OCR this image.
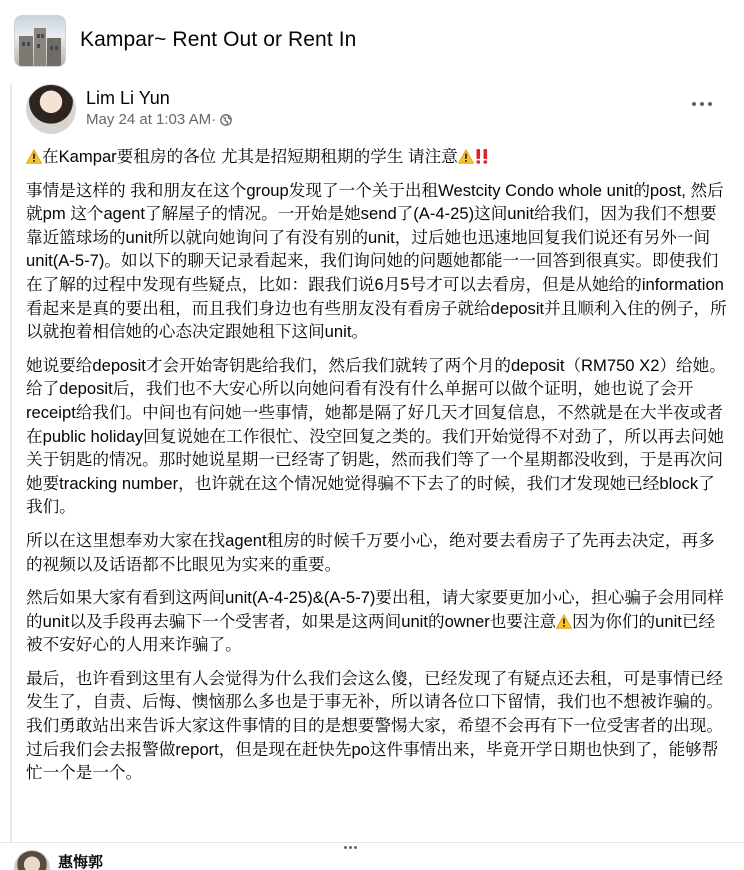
Kampar~ Rent Out or Rent In
Lim Li Yun
May 24 at 1:03 AM ·

在Kampar要租房的各位 尤其是招短期租期的学生 请注意

事情是这样的 我和朋友在这个group发现了一个关于出租Westcity Condo whole unit的post, 然后就pm 这个agent了解屋子的情况。一开始是她send了(A-4-25)这间unit给我们，因为我们不想要靠近篮球场的unit所以就向她询问了有没有别的unit，过后她也迅速地回复我们说还有另外一间unit(A-5-7)。如以下的聊天记录看起来，我们询问她的问题她都能一一回答到很真实。即使我们在了解的过程中发现有些疑点，比如：跟我们说6月5号才可以去看房，但是从她给的information看起来是真的要出租，而且我们身边也有些朋友没有看房子就给deposit并且顺利入住的例子，所以就抱着相信她的心态决定跟她租下这间unit。

她说要给deposit才会开始寄钥匙给我们，然后我们就转了两个月的deposit（RM750 X2）给她。给了deposit后，我们也不大安心所以向她问看有没有什么单据可以做个证明，她也说了会开receipt给我们。中间也有问她一些事情，她都是隔了好几天才回复信息，不然就是在大半夜或者在public holiday回复说她在工作很忙、没空回复之类的。我们开始觉得不对劲了，所以再去问她关于钥匙的情况。那时她说星期一已经寄了钥匙，然而我们等了一个星期都没收到，于是再次问她要tracking number，也许就在这个情况她觉得骗不下去了的时候，我们才发现她已经block了我们。

所以在这里想奉劝大家在找agent租房的时候千万要小心，绝对要去看房子了先再去决定，再多的视频以及话语都不比眼见为实来的重要。

然后如果大家有看到这两间unit(A-4-25)&(A-5-7)要出租，请大家要更加小心，担心骗子会用同样的unit以及手段再去骗下一个受害者，如果是这两间unit的owner也要注意 因为你们的unit已经被不安好心的人用来诈骗了。

最后，也许看到这里有人会觉得为什么我们会这么傻，已经发现了有疑点还去租，可是事情已经发生了，自责、后悔、懊恼那么多也是于事无补，所以请各位口下留情，我们也不想被诈骗的。我们勇敢站出来告诉大家这件事情的目的是想要警惕大家，希望不会再有下一位受害者的出现。过后我们会去报警做report，但是现在赶快先po这件事情出来，毕竟开学日期也快到了，能够帮忙一个是一个。

惠悔郭
